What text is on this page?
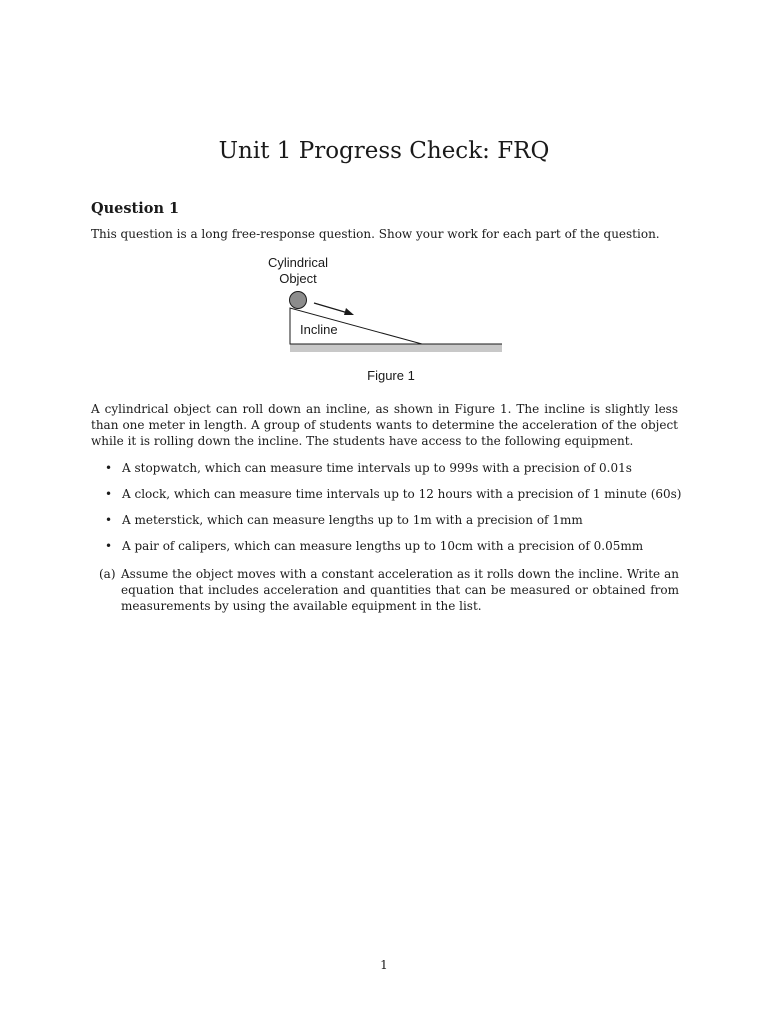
Unit 1 Progress Check: FRQ
Question 1

This question is a long free-response question. Show your work for each part of the question.

Cylindrical
Object
Incline
Figure 1

A cylindrical object can roll down an incline, as shown in Figure 1. The incline is slightly less than one meter in length. A group of students wants to determine the acceleration of the object while it is rolling down the incline. The students have access to the following equipment.

• A stopwatch, which can measure time intervals up to 999s with a precision of 0.01s
• A clock, which can measure time intervals up to 12 hours with a precision of 1 minute (60s)
• A meterstick, which can measure lengths up to 1m with a precision of 1mm
• A pair of calipers, which can measure lengths up to 10cm with a precision of 0.05mm
(a) Assume the object moves with a constant acceleration as it rolls down the incline. Write an equation that includes acceleration and quantities that can be measured or obtained from measurements by using the available equipment in the list.
1
